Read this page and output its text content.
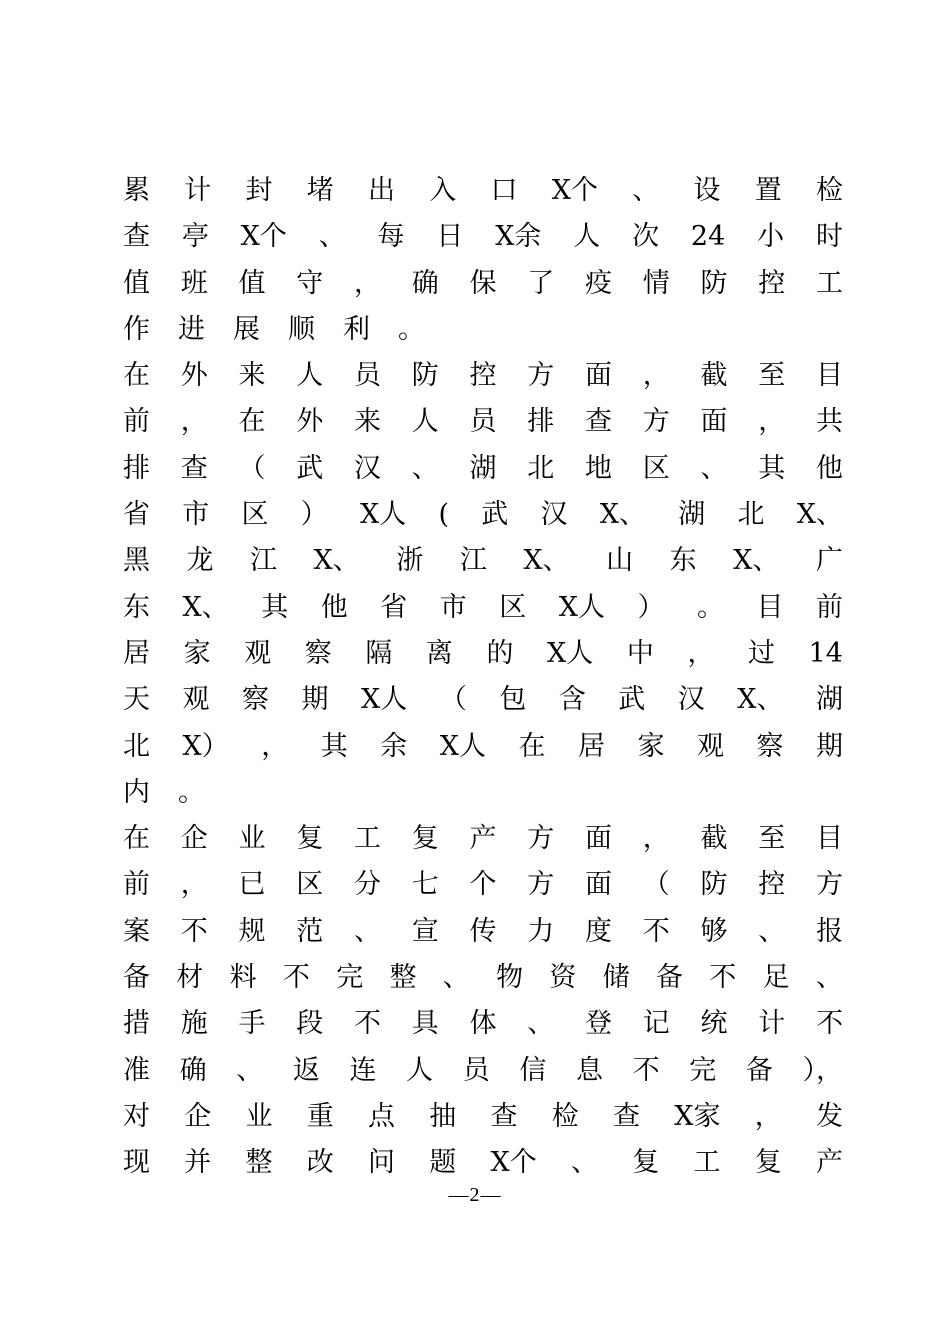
累 计 封 堵 出 入 口 X个 、 设 置 检
查 亭 X个 、 每 日 X余 人 次 24 小 时
值 班 值 守 ， 确 保 了 疫 情 防 控 工
作 进 展 顺 利 。
在 外 来 人 员 防 控 方 面 ， 截 至 目
前 ， 在 外 来 人 员 排 查 方 面 ， 共
排 查 （ 武 汉 、 湖 北 地 区 、 其 他
省 市 区 ） X人 ( 武 汉 X、 湖 北 X、
黑 龙 江 X、 浙 江 X、 山 东 X、 广
东 X、 其 他 省 市 区 X人 ） 。 目 前
居 家 观 察 隔 离 的 X人 中 ， 过 14
天 观 察 期 X人 （ 包 含 武 汉 X、 湖
北 X） ， 其 余 X人 在 居 家 观 察 期
内 。
在 企 业 复 工 复 产 方 面 ， 截 至 目
前 ， 已 区 分 七 个 方 面 （ 防 控 方
案 不 规 范 、 宣 传 力 度 不 够 、 报
备 材 料 不 完 整 、 物 资 储 备 不 足 、
措 施 手 段 不 具 体 、 登 记 统 计 不
准 确 、 返 连 人 员 信 息 不 完 备 ），
对 企 业 重 点 抽 查 检 查 X家 ， 发
现 并 整 改 问 题 X个 、 复 工 复 产
—2—
